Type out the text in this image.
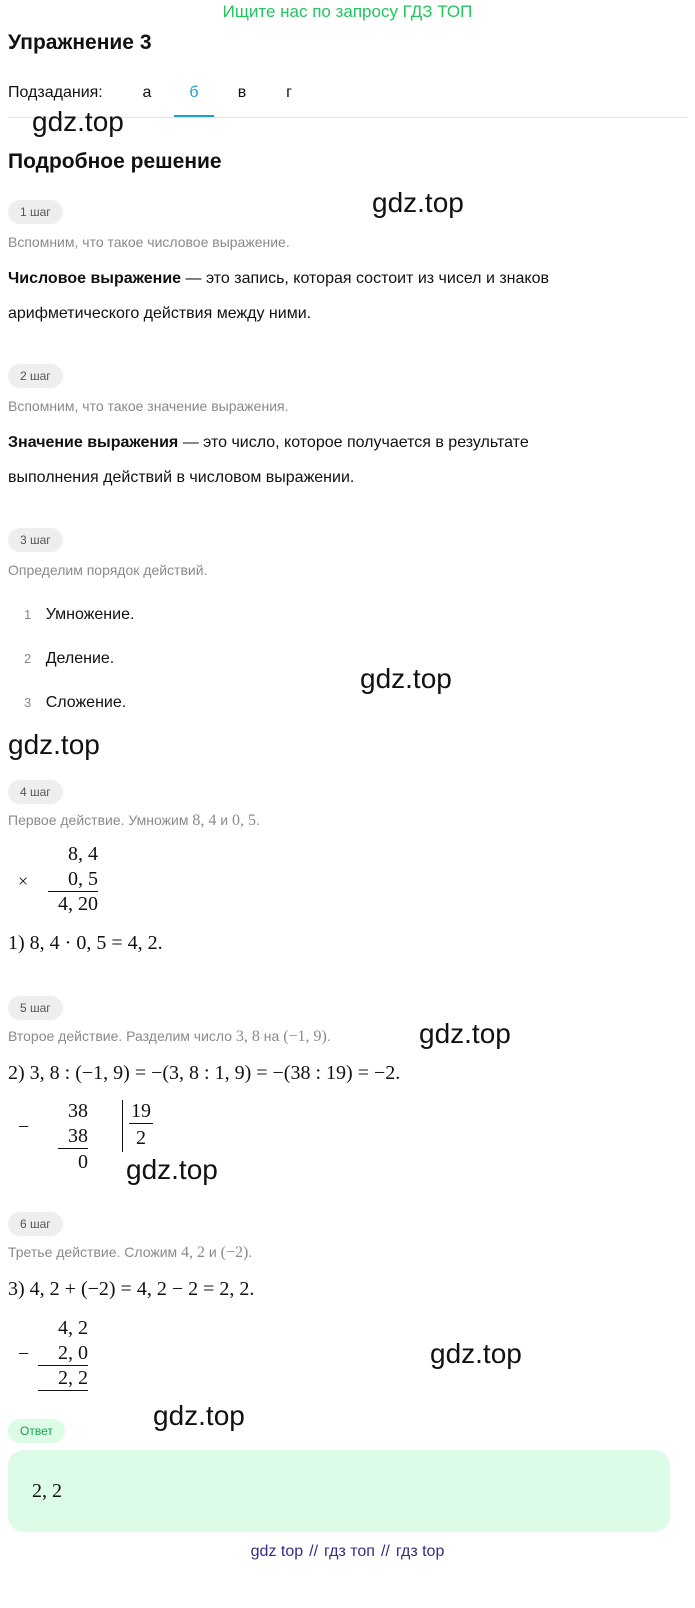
Ищите нас по запросу ГДЗ ТОП
Упражнение 3
Подзадания:	а	б	в	г
gdz.top
Подробное решение
gdz.top
1 шаг
Вспомним, что такое числовое выражение.
Числовое выражение — это запись, которая состоит из чисел и знаков
арифметического действия между ними.
2 шаг
Вспомним, что такое значение выражения.
Значение выражения — это число, которое получается в результате
выполнения действий в числовом выражении.
3 шаг
Определим порядок действий.
1 Умножение.
2 Деление.
3 Сложение.
gdz.top
gdz.top
4 шаг
Первое действие. Умножим 8, 4 и 0, 5.
×
8, 4
0, 5
4, 20
1) 8, 4 · 0, 5 = 4, 2.
5 шаг
Второе действие. Разделим число 3, 8 на (−1, 9).	gdz.top
2) 3, 8 : (−1, 9) = −(3, 8 : 1, 9) = −(38 : 19) = −2.
−
38
38
0
19
2
gdz.top
6 шаг
Третье действие. Сложим 4, 2 и (−2).
3) 4, 2 + (−2) = 4, 2 − 2 = 2, 2.
−
4, 2
2, 0
2, 2
gdz.top
gdz.top
Ответ
2, 2
gdz top // гдз топ // гдз top
